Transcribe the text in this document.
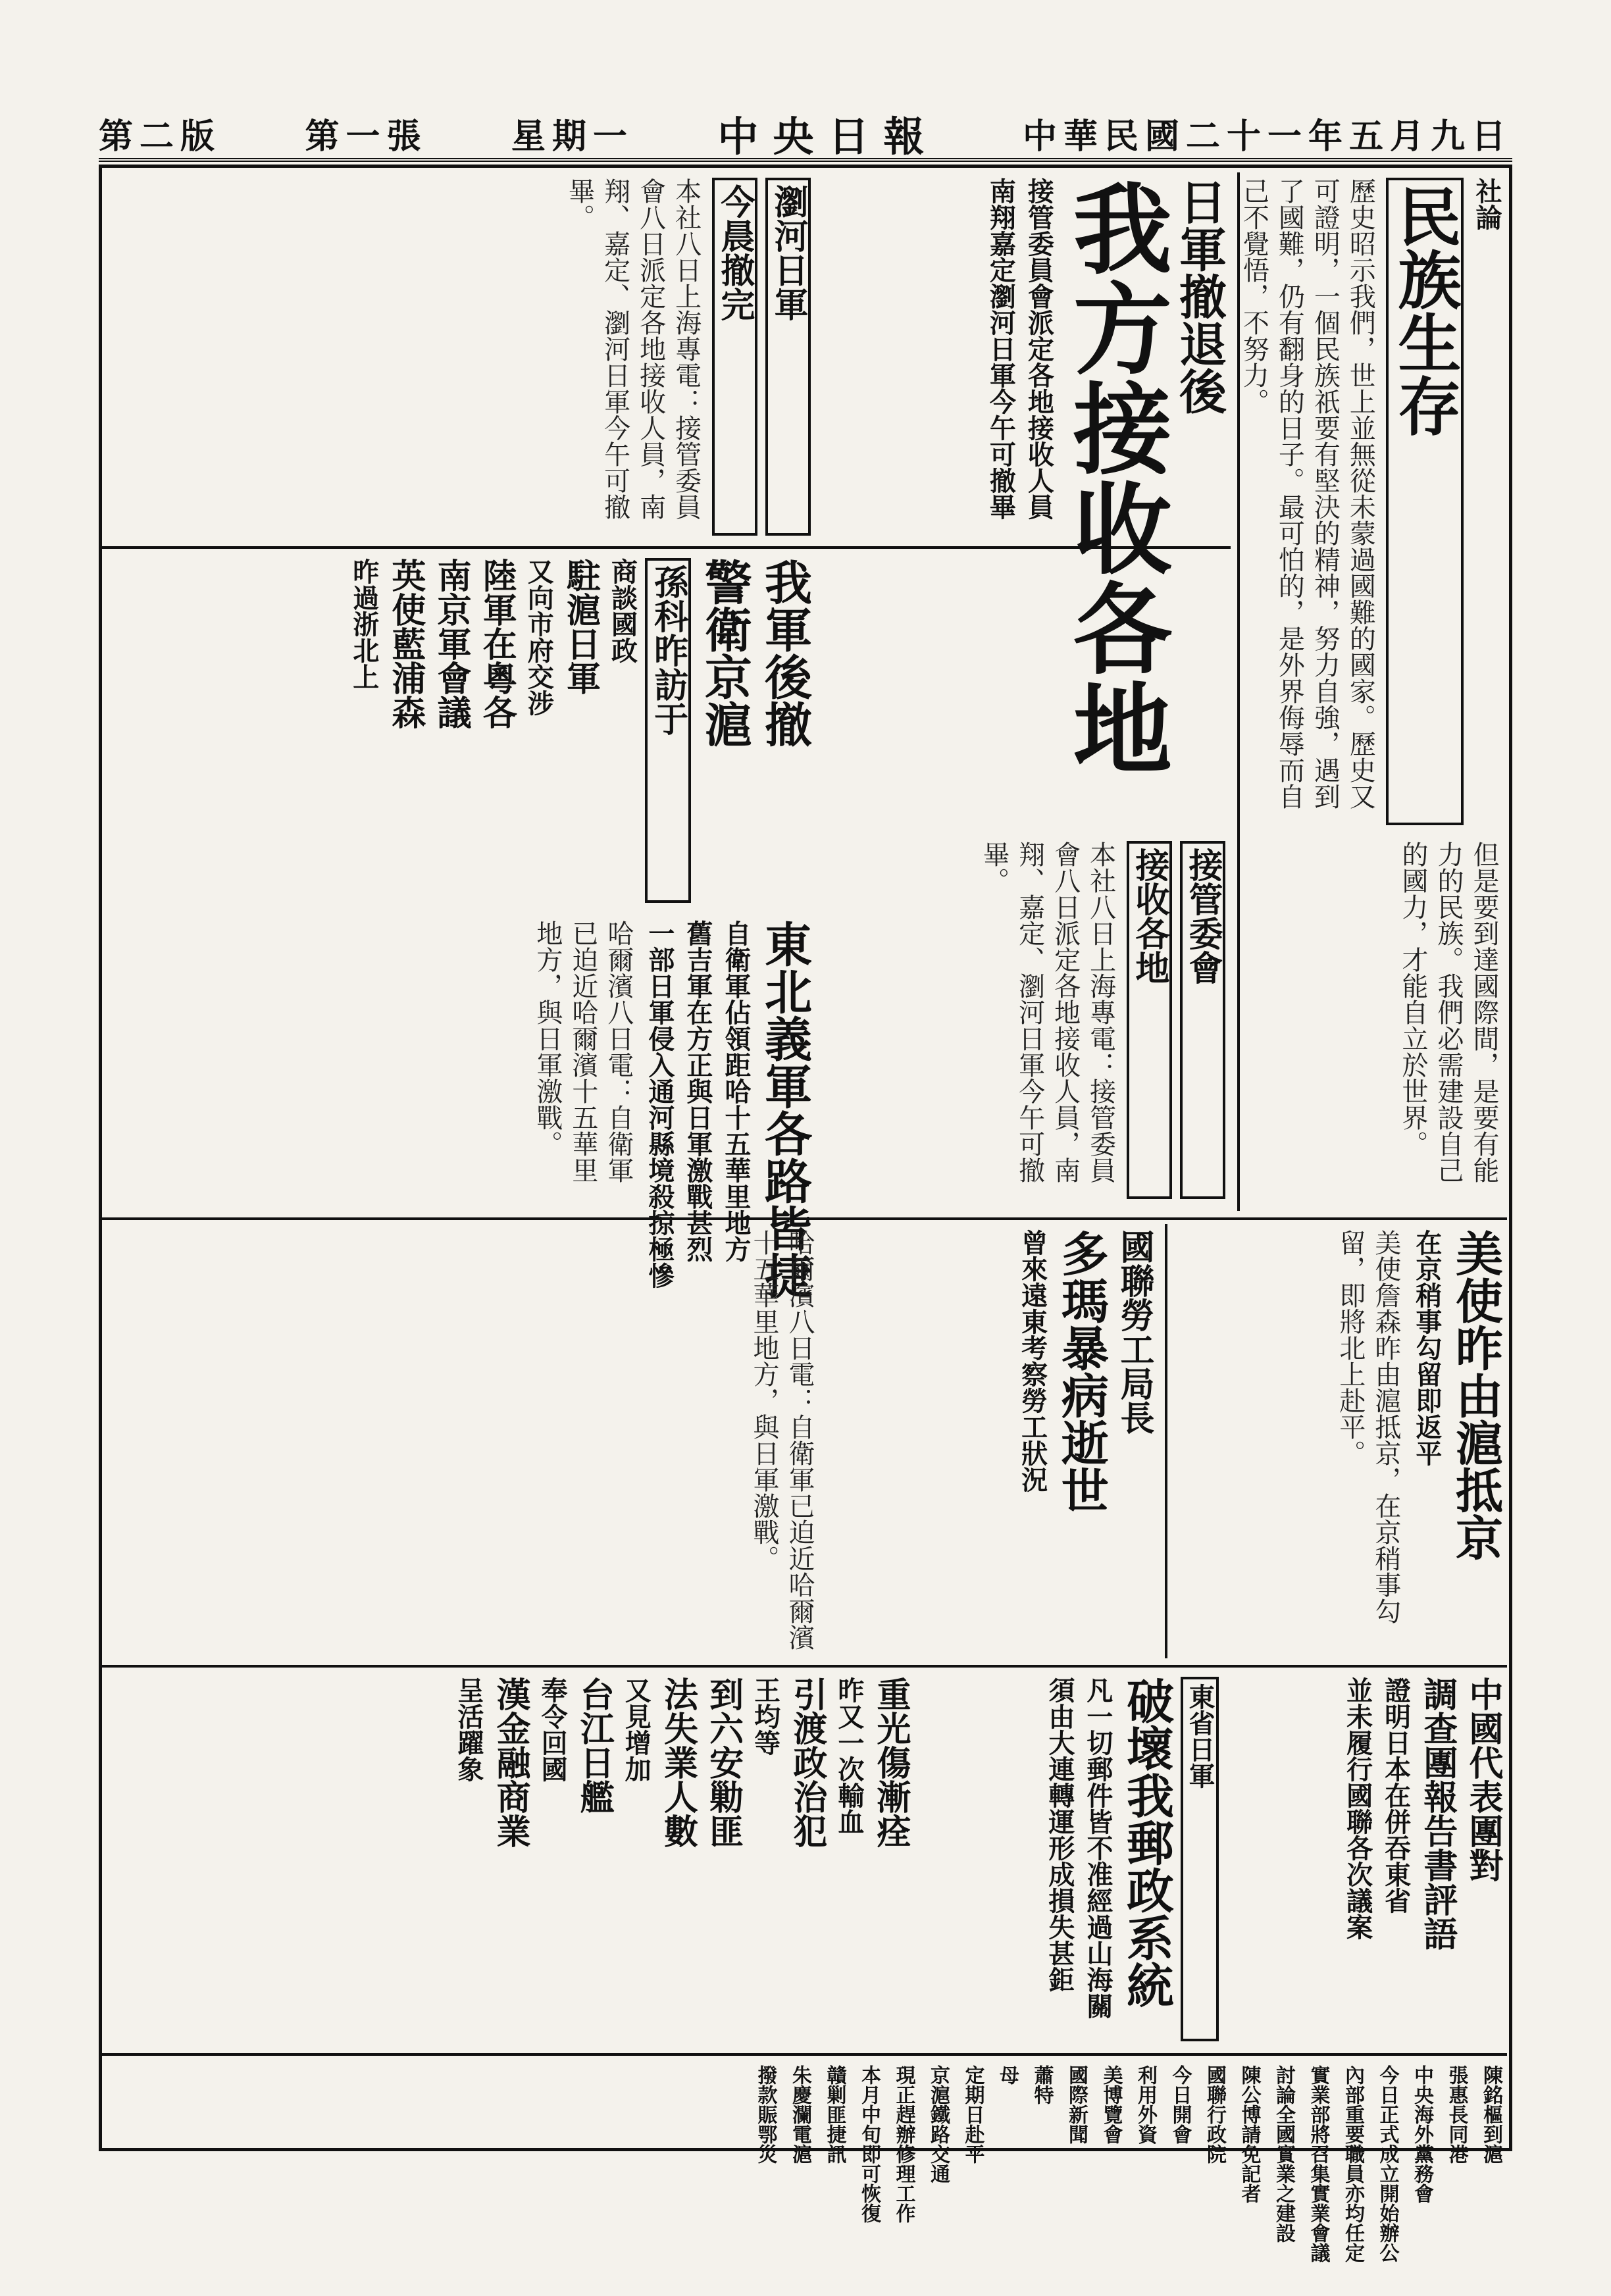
中華民國二十一年五月九日
中央日報
星期一
第一張
第二版
社論
民族生存
歷史昭示我們，世上並無從未蒙過國難的國家。歷史又可證明，一個民族祇要有堅決的精神，努力自強，遇到了國難，仍有翻身的日子。最可怕的，是外界侮辱而自己不覺悟，不努力。
但是要到達國際間，是要有能力的民族。我們必需建設自己的國力，才能自立於世界。
日軍撤退後
我方接收各地
接管委員會派定各地接收人員
南翔嘉定瀏河日軍今午可撤畢
接管委會
接收各地
本社八日上海專電：接管委員會八日派定各地接收人員，南翔、嘉定、瀏河日軍今午可撤畢。
瀏河日軍
今晨撤完
本社八日上海專電：接管委員會八日派定各地接收人員，南翔、嘉定、瀏河日軍今午可撤畢。
我軍後撤
警衛京滬
孫科昨訪于
商談國政
駐滬日軍
又向市府交涉
陸軍在粵各
南京軍會議
英使藍浦森
昨過浙北上
東北義軍各路皆捷
自衛軍佔領距哈十五華里地方
舊吉軍在方正與日軍激戰甚烈
一部日軍侵入通河縣境殺掠極慘
哈爾濱八日電：自衛軍已迫近哈爾濱十五華里地方，與日軍激戰。
美使昨由滬抵京
在京稍事勾留即返平
美使詹森昨由滬抵京，在京稍事勾留，即將北上赴平。
國聯勞工局長
多瑪暴病逝世
曾來遠東考察勞工狀況
哈爾濱八日電：自衛軍已迫近哈爾濱十五華里地方，與日軍激戰。
中國代表團對
調查團報告書評語
證明日本在併吞東省
並未履行國聯各次議案
東省日軍
破壞我郵政系統
凡一切郵件皆不准經過山海關
須由大連轉運形成損失甚鉅
重光傷漸痊
昨又一次輸血
引渡政治犯
王均等
到六安勦匪
法失業人數
又見增加
台江日艦
奉令回國
漢金融商業
呈活躍象
陳銘樞到滬
張惠長同港
中央海外黨務會
今日正式成立開始辦公
內部重要職員亦均任定
實業部將召集實業會議
討論全國實業之建設
陳公博請免記者
國聯行政院
今日開會
利用外資
美博覽會
國際新聞
蕭特
母
定期日赴平
京滬鐵路交通
現正趕辦修理工作
本月中旬即可恢復
贛剿匪捷訊
朱慶瀾電滬
撥款賑鄂災
